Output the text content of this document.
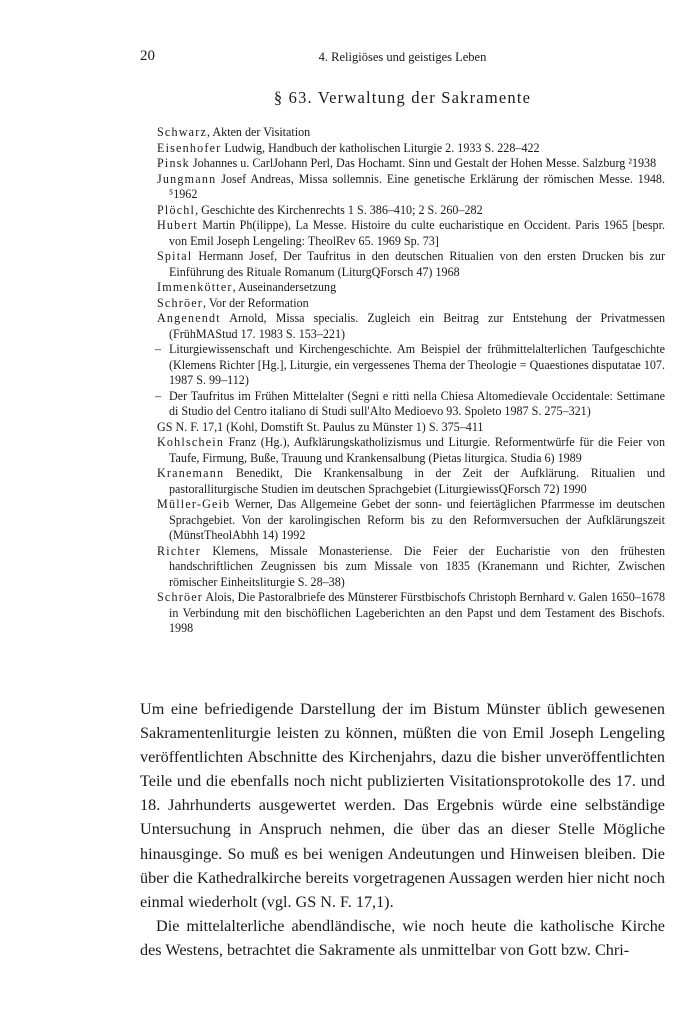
20	4. Religiöses und geistiges Leben
§ 63. Verwaltung der Sakramente
Schwarz, Akten der Visitation
Eisenhofer Ludwig, Handbuch der katholischen Liturgie 2. 1933 S. 228–422
Pinsk Johannes u. CarlJohann Perl, Das Hochamt. Sinn und Gestalt der Hohen Messe. Salzburg ²1938
Jungmann Josef Andreas, Missa sollemnis. Eine genetische Erklärung der römischen Messe. 1948. ⁵1962
Plöchl, Geschichte des Kirchenrechts 1 S. 386–410; 2 S. 260–282
Hubert Martin Ph(ilippe), La Messe. Histoire du culte eucharistique en Occident. Paris 1965 [bespr. von Emil Joseph Lengeling: TheolRev 65. 1969 Sp. 73]
Spital Hermann Josef, Der Taufritus in den deutschen Ritualien von den ersten Drucken bis zur Einführung des Rituale Romanum (LiturgQForsch 47) 1968
Immenkötter, Auseinandersetzung
Schröer, Vor der Reformation
Angenendt Arnold, Missa specialis. Zugleich ein Beitrag zur Entstehung der Privatmessen (FrühMAStud 17. 1983 S. 153–221)
– Liturgiewissenschaft und Kirchengeschichte. Am Beispiel der frühmittelalterlichen Taufgeschichte (Klemens Richter [Hg.], Liturgie, ein vergessenes Thema der Theologie = Quaestiones disputatae 107. 1987 S. 99–112)
– Der Taufritus im Frühen Mittelalter (Segni e ritti nella Chiesa Altomedievale Occidentale: Settimane di Studio del Centro italiano di Studi sull'Alto Medioevo 93. Spoleto 1987 S. 275–321)
GS N. F. 17,1 (Kohl, Domstift St. Paulus zu Münster 1) S. 375–411
Kohlschein Franz (Hg.), Aufklärungskatholizismus und Liturgie. Reformentwürfe für die Feier von Taufe, Firmung, Buße, Trauung und Krankensalbung (Pietas liturgica. Studia 6) 1989
Kranemann Benedikt, Die Krankensalbung in der Zeit der Aufklärung. Ritualien und pastoralliturgische Studien im deutschen Sprachgebiet (LiturgiewissQForsch 72) 1990
Müller-Geib Werner, Das Allgemeine Gebet der sonn- und feiertäglichen Pfarrmesse im deutschen Sprachgebiet. Von der karolingischen Reform bis zu den Reformversuchen der Aufklärungszeit (MünstTheolAbhh 14) 1992
Richter Klemens, Missale Monasteriense. Die Feier der Eucharistie von den frühesten handschriftlichen Zeugnissen bis zum Missale von 1835 (Kranemann und Richter, Zwischen römischer Einheitsliturgie S. 28–38)
Schröer Alois, Die Pastoralbriefe des Münsterer Fürstbischofs Christoph Bernhard v. Galen 1650–1678 in Verbindung mit den bischöflichen Lageberichten an den Papst und dem Testament des Bischofs. 1998

Um eine befriedigende Darstellung der im Bistum Münster üblich gewesenen Sakramentenliturgie leisten zu können, müßten die von Emil Joseph Lengeling veröffentlichten Abschnitte des Kirchenjahrs, dazu die bisher unveröffentlichten Teile und die ebenfalls noch nicht publizierten Visitationsprotokolle des 17. und 18. Jahrhunderts ausgewertet werden. Das Ergebnis würde eine selbständige Untersuchung in Anspruch nehmen, die über das an dieser Stelle Mögliche hinausginge. So muß es bei wenigen Andeutungen und Hinweisen bleiben. Die über die Kathedralkirche bereits vorgetragenen Aussagen werden hier nicht noch einmal wiederholt (vgl. GS N. F. 17,1).

Die mittelalterliche abendländische, wie noch heute die katholische Kirche des Westens, betrachtet die Sakramente als unmittelbar von Gott bzw. Chri-
